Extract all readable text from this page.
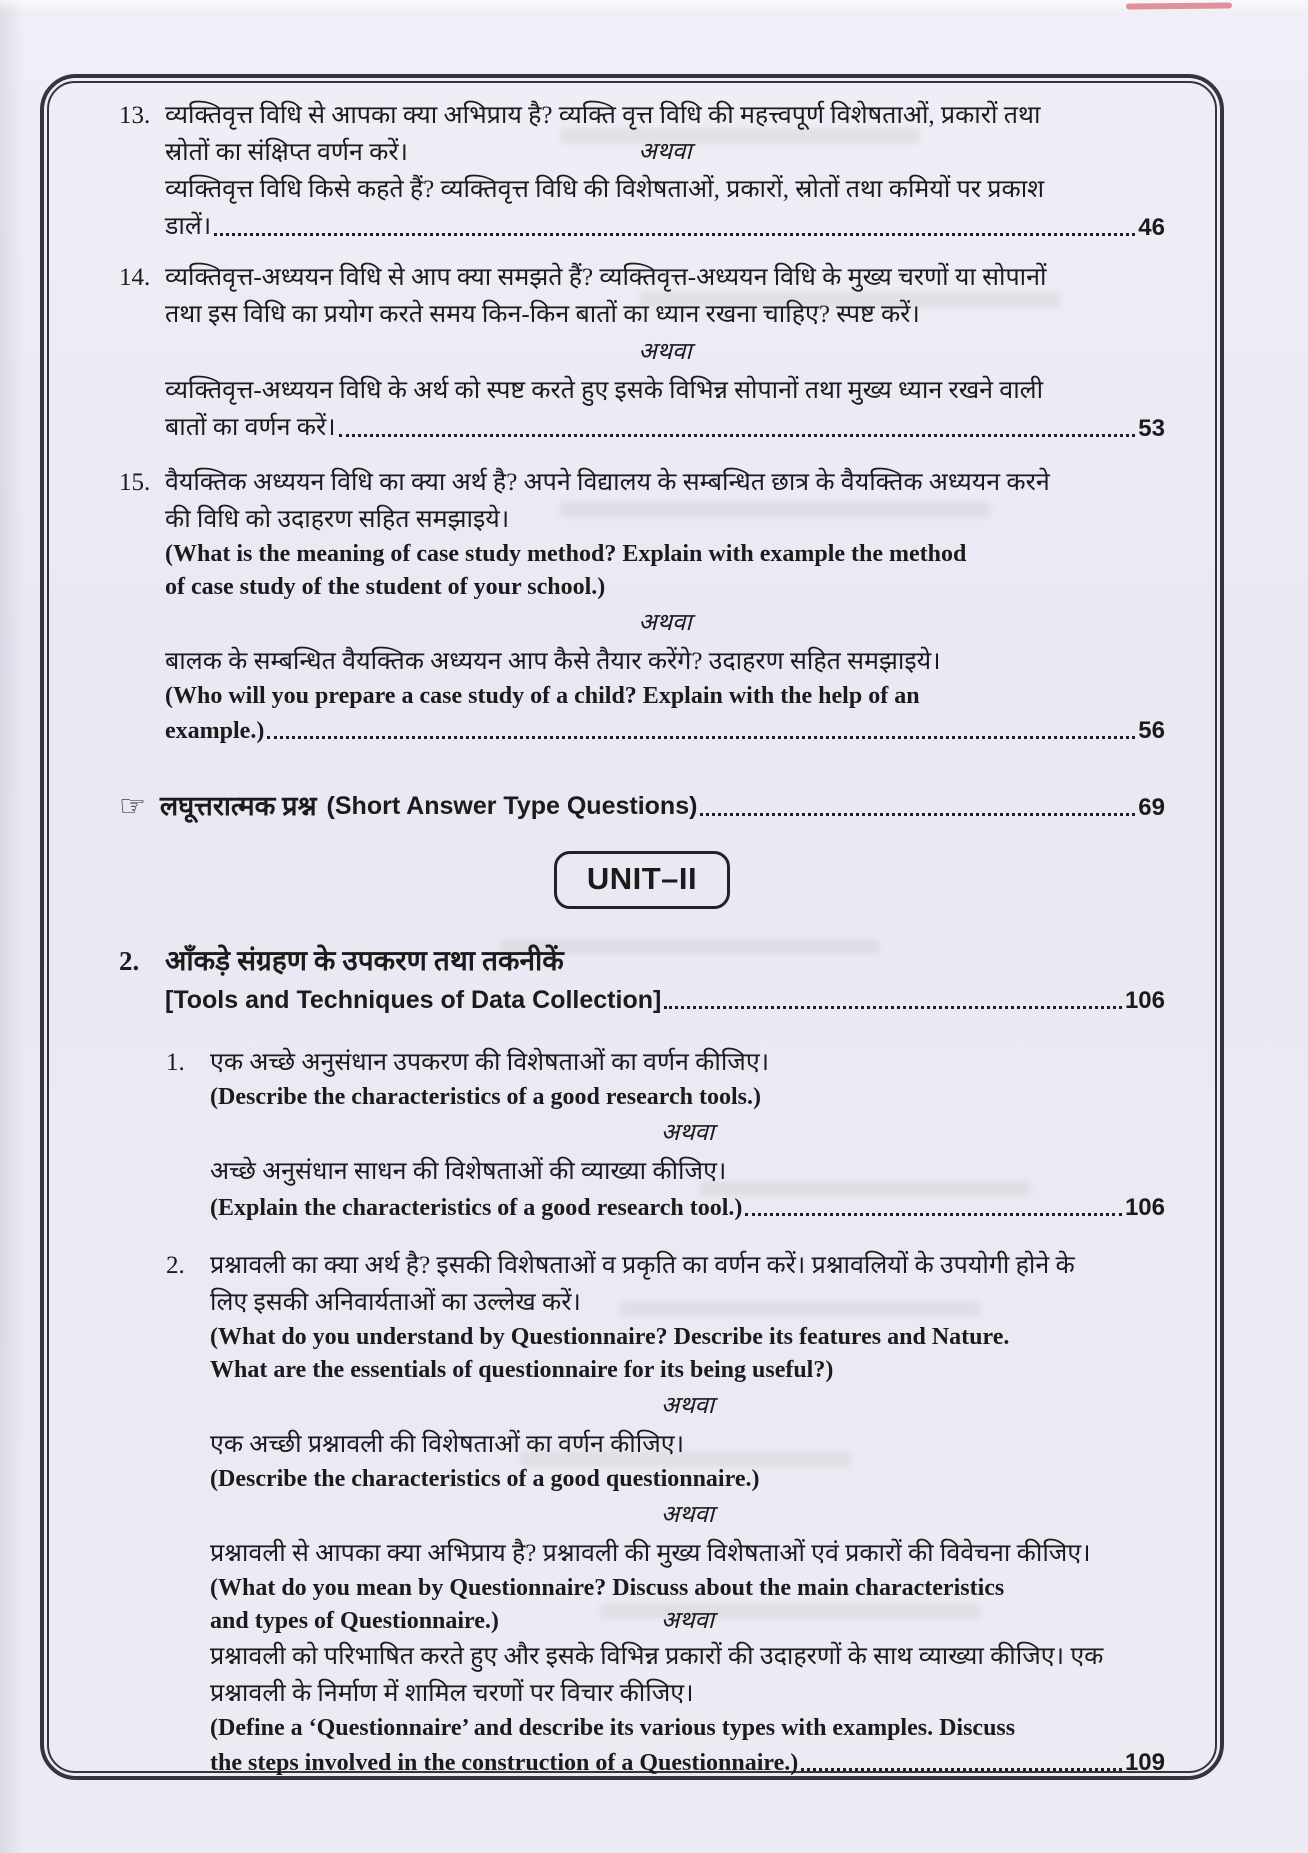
13. व्यक्तिवृत्त विधि से आपका क्या अभिप्राय है? व्यक्ति वृत्त विधि की महत्त्वपूर्ण विशेषताओं, प्रकारों तथा
स्रोतों का संक्षिप्त वर्णन करें।	अथवा
व्यक्तिवृत्त विधि किसे कहते हैं? व्यक्तिवृत्त विधि की विशेषताओं, प्रकारों, स्रोतों तथा कमियों पर प्रकाश
डालें।	46
14. व्यक्तिवृत्त-अध्ययन विधि से आप क्या समझते हैं? व्यक्तिवृत्त-अध्ययन विधि के मुख्य चरणों या सोपानों
तथा इस विधि का प्रयोग करते समय किन-किन बातों का ध्यान रखना चाहिए? स्पष्ट करें।
अथवा
व्यक्तिवृत्त-अध्ययन विधि के अर्थ को स्पष्ट करते हुए इसके विभिन्न सोपानों तथा मुख्य ध्यान रखने वाली
बातों का वर्णन करें।	53
15. वैयक्तिक अध्ययन विधि का क्या अर्थ है? अपने विद्यालय के सम्बन्धित छात्र के वैयक्तिक अध्ययन करने
की विधि को उदाहरण सहित समझाइये।
(What is the meaning of case study method? Explain with example the method
of case study of the student of your school.)
अथवा
बालक के सम्बन्धित वैयक्तिक अध्ययन आप कैसे तैयार करेंगे? उदाहरण सहित समझाइये।
(Who will you prepare a case study of a child? Explain with the help of an
example.)	56
☞ लघूत्तरात्मक प्रश्न (Short Answer Type Questions)	69
UNIT–II
2. आँकड़े संग्रहण के उपकरण तथा तकनीकें
[Tools and Techniques of Data Collection]	106
1.	एक अच्छे अनुसंधान उपकरण की विशेषताओं का वर्णन कीजिए।
(Describe the characteristics of a good research tools.)
अथवा
अच्छे अनुसंधान साधन की विशेषताओं की व्याख्या कीजिए।
(Explain the characteristics of a good research tool.)	106
2.	प्रश्नावली का क्या अर्थ है? इसकी विशेषताओं व प्रकृति का वर्णन करें। प्रश्नावलियों के उपयोगी होने के
लिए इसकी अनिवार्यताओं का उल्लेख करें।
(What do you understand by Questionnaire? Describe its features and Nature.
What are the essentials of questionnaire for its being useful?)
अथवा
एक अच्छी प्रश्नावली की विशेषताओं का वर्णन कीजिए।
(Describe the characteristics of a good questionnaire.)
अथवा
प्रश्नावली से आपका क्या अभिप्राय है? प्रश्नावली की मुख्य विशेषताओं एवं प्रकारों की विवेचना कीजिए।
(What do you mean by Questionnaire? Discuss about the main characteristics
and types of Questionnaire.)	अथवा
प्रश्नावली को परिभाषित करते हुए और इसके विभिन्न प्रकारों की उदाहरणों के साथ व्याख्या कीजिए। एक
प्रश्नावली के निर्माण में शामिल चरणों पर विचार कीजिए।
(Define a ‘Questionnaire’ and describe its various types with examples. Discuss
the steps involved in the construction of a Questionnaire.)	109
